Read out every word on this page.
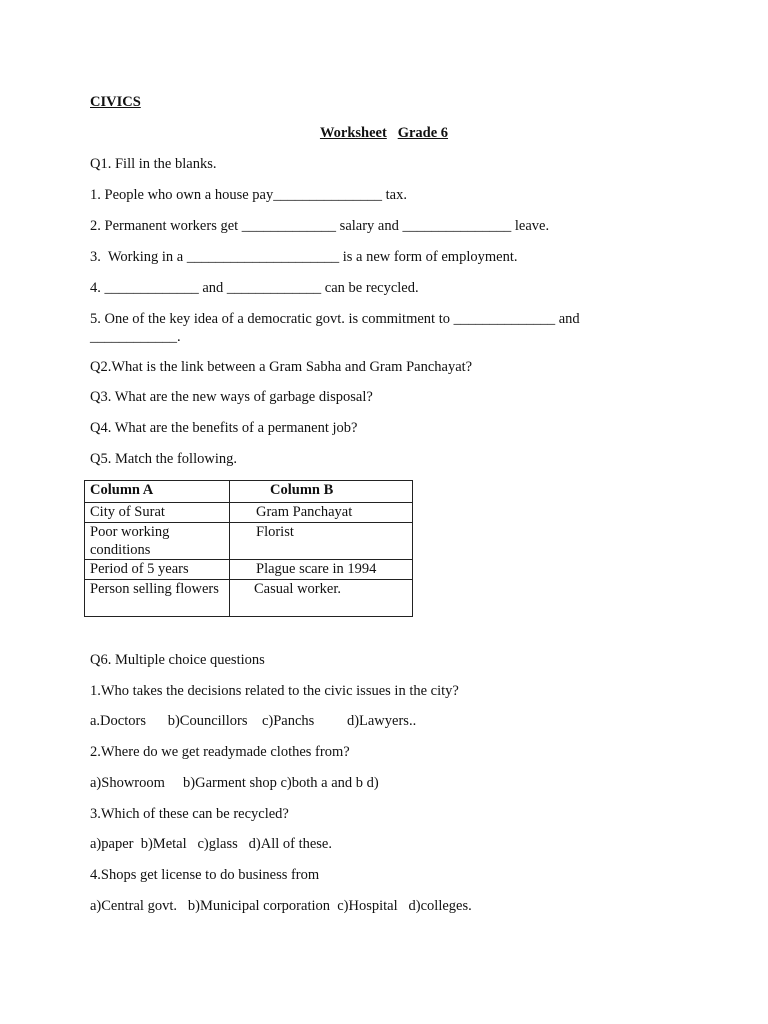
CIVICS
Worksheet Grade 6
Q1. Fill in the blanks.
1. People who own a house pay_______________ tax.
2. Permanent workers get _____________ salary and _______________ leave.
3.  Working in a _____________________ is a new form of employment.
4. _____________ and _____________ can be recycled.
5. One of the key idea of a democratic govt. is commitment to ______________ and
____________.
Q2.What is the link between a Gram Sabha and Gram Panchayat?
Q3. What are the new ways of garbage disposal?
Q4. What are the benefits of a permanent job?
Q5. Match the following.
Column A	Column B
City of Surat	Gram Panchayat
Poor working conditions	Florist
Period of 5 years	Plague scare in 1994
Person selling flowers	Casual worker.
Q6. Multiple choice questions
1.Who takes the decisions related to the civic issues in the city?
a.Doctors b)Councillors c)Panchs d)Lawyers..
2.Where do we get readymade clothes from?
a)Showroom b)Garment shop c)both a and b d)
3.Which of these can be recycled?
a)paper b)Metal c)glass d)All of these.
4.Shops get license to do business from
a)Central govt. b)Municipal corporation c)Hospital d)colleges.
